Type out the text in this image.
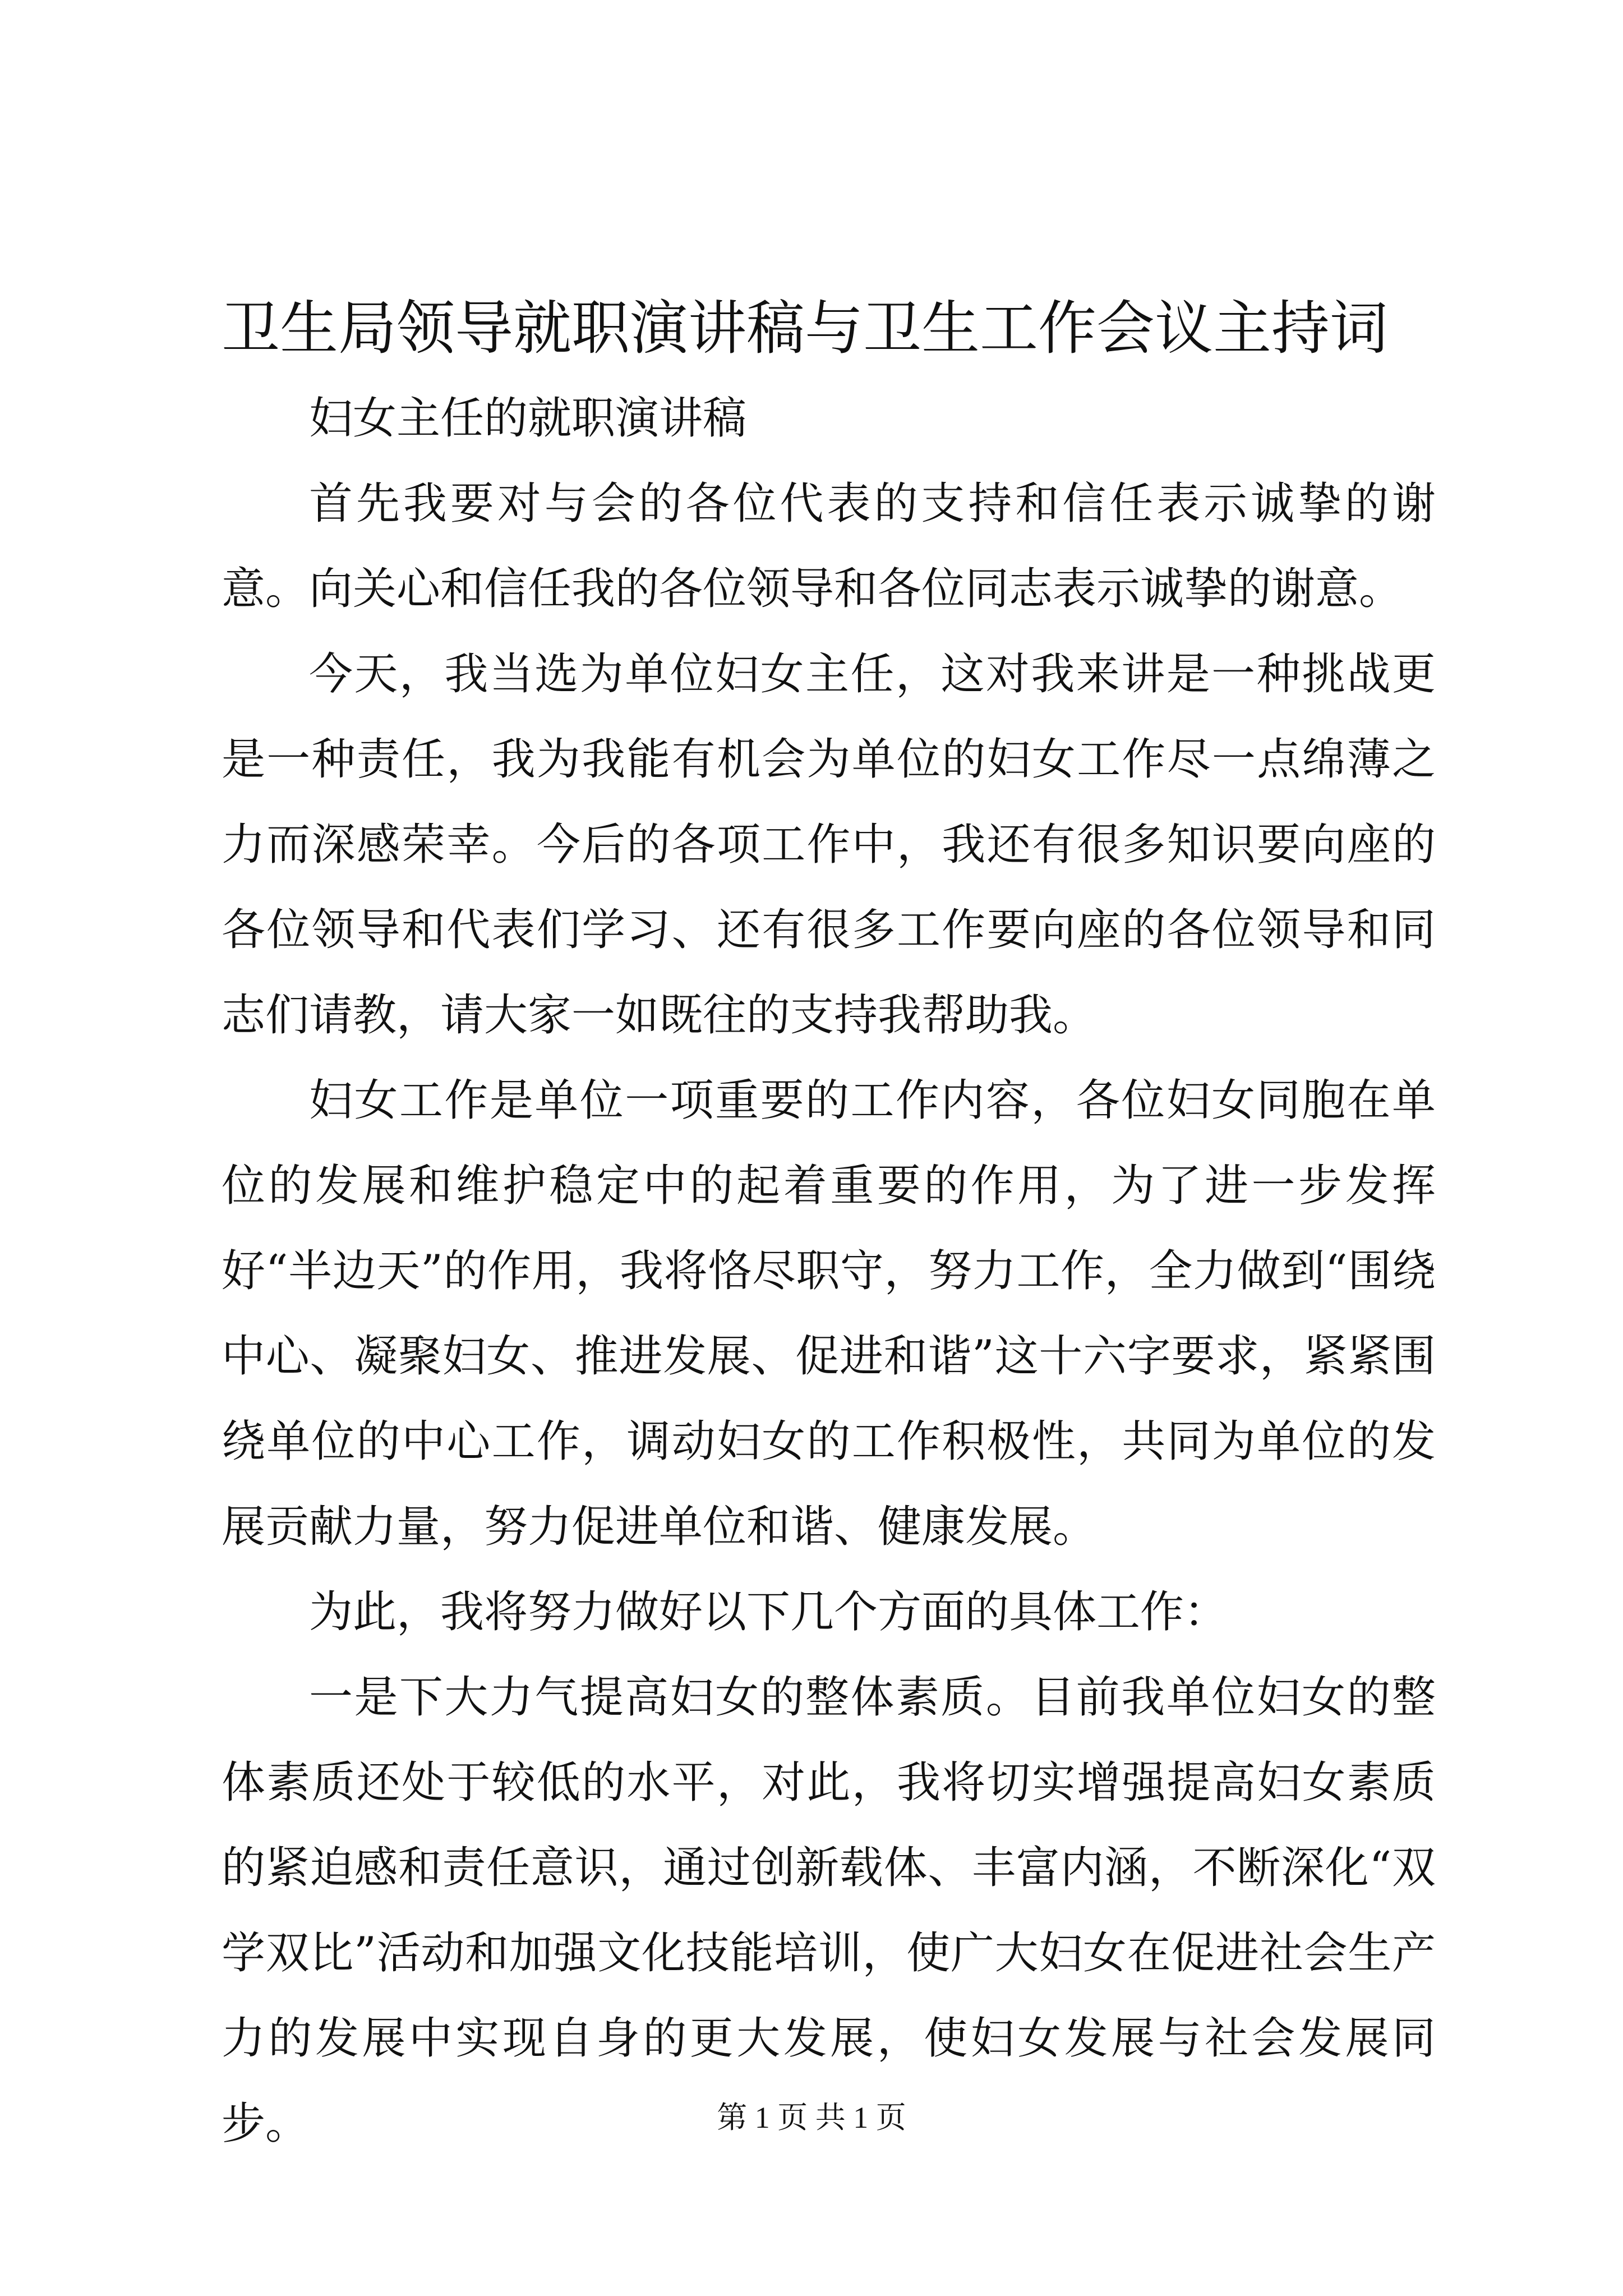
卫生局领导就职演讲稿与卫生工作会议主持词

妇女主任的就职演讲稿

首先我要对与会的各位代表的支持和信任表示诚挚的谢意。向关心和信任我的各位领导和各位同志表示诚挚的谢意。

今天，我当选为单位妇女主任，这对我来讲是一种挑战更是一种责任，我为我能有机会为单位的妇女工作尽一点绵薄之力而深感荣幸。今后的各项工作中，我还有很多知识要向座的各位领导和代表们学习、还有很多工作要向座的各位领导和同志们请教，请大家一如既往的支持我帮助我。

妇女工作是单位一项重要的工作内容，各位妇女同胞在单位的发展和维护稳定中的起着重要的作用，为了进一步发挥好“半边天”的作用，我将恪尽职守，努力工作，全力做到“围绕中心、凝聚妇女、推进发展、促进和谐”这十六字要求，紧紧围绕单位的中心工作，调动妇女的工作积极性，共同为单位的发展贡献力量，努力促进单位和谐、健康发展。

为此，我将努力做好以下几个方面的具体工作：

一是下大力气提高妇女的整体素质。目前我单位妇女的整体素质还处于较低的水平，对此，我将切实增强提高妇女素质的紧迫感和责任意识，通过创新载体、丰富内涵，不断深化“双学双比”活动和加强文化技能培训，使广大妇女在促进社会生产力的发展中实现自身的更大发展，使妇女发展与社会发展同步。	第 1 页 共 1 页
